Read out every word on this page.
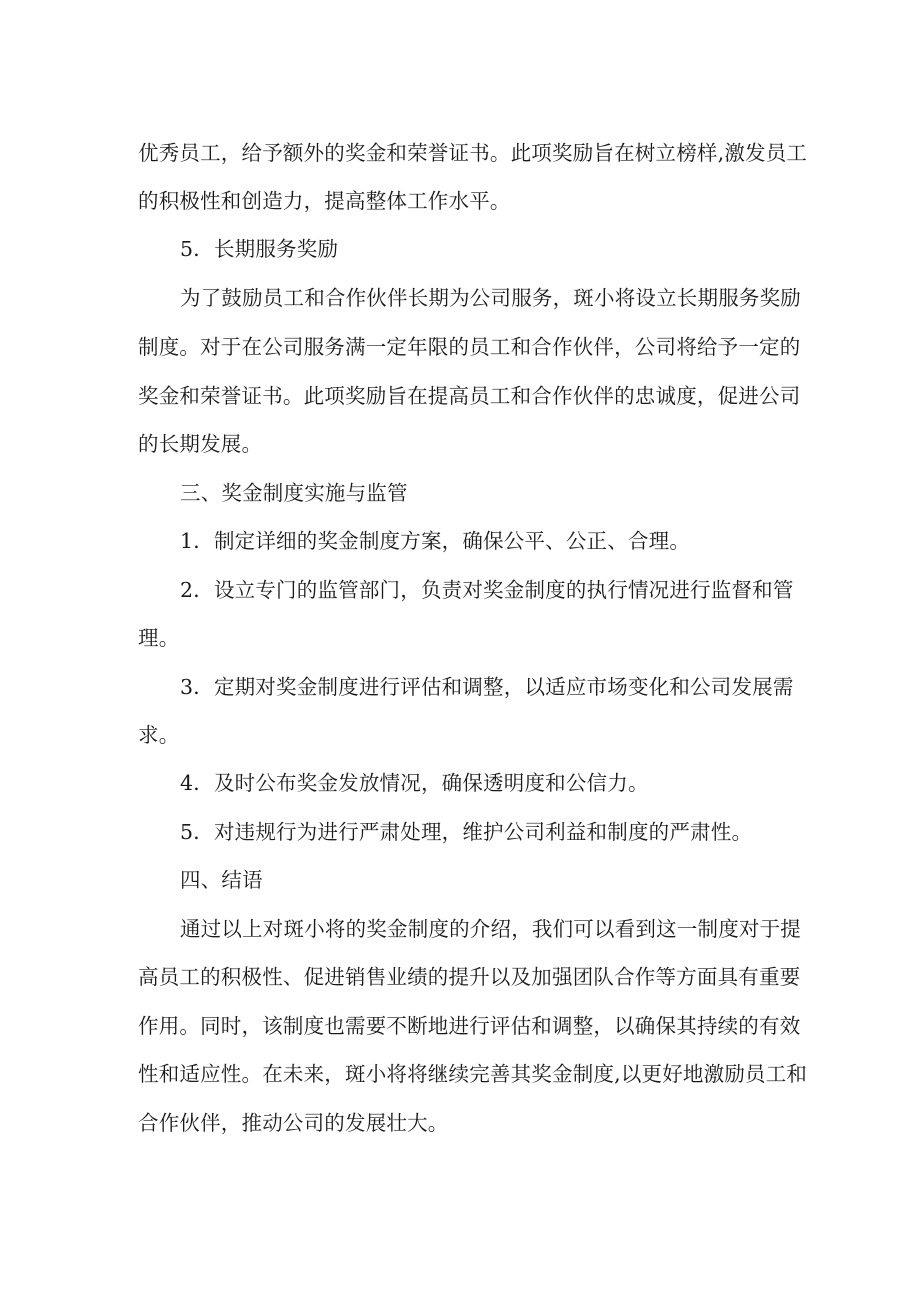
优秀员工，给予额外的奖金和荣誉证书。此项奖励旨在树立榜样,激发员工
的积极性和创造力，提高整体工作水平。
5．长期服务奖励
为了鼓励员工和合作伙伴长期为公司服务，斑小将设立长期服务奖励
制度。对于在公司服务满一定年限的员工和合作伙伴，公司将给予一定的
奖金和荣誉证书。此项奖励旨在提高员工和合作伙伴的忠诚度，促进公司
的长期发展。
三、奖金制度实施与监管
1．制定详细的奖金制度方案，确保公平、公正、合理。
2．设立专门的监管部门，负责对奖金制度的执行情况进行监督和管
理。
3．定期对奖金制度进行评估和调整，以适应市场变化和公司发展需
求。
4．及时公布奖金发放情况，确保透明度和公信力。
5．对违规行为进行严肃处理，维护公司利益和制度的严肃性。
四、结语
通过以上对斑小将的奖金制度的介绍，我们可以看到这一制度对于提
高员工的积极性、促进销售业绩的提升以及加强团队合作等方面具有重要
作用。同时，该制度也需要不断地进行评估和调整，以确保其持续的有效
性和适应性。在未来，斑小将将继续完善其奖金制度,以更好地激励员工和
合作伙伴，推动公司的发展壮大。
